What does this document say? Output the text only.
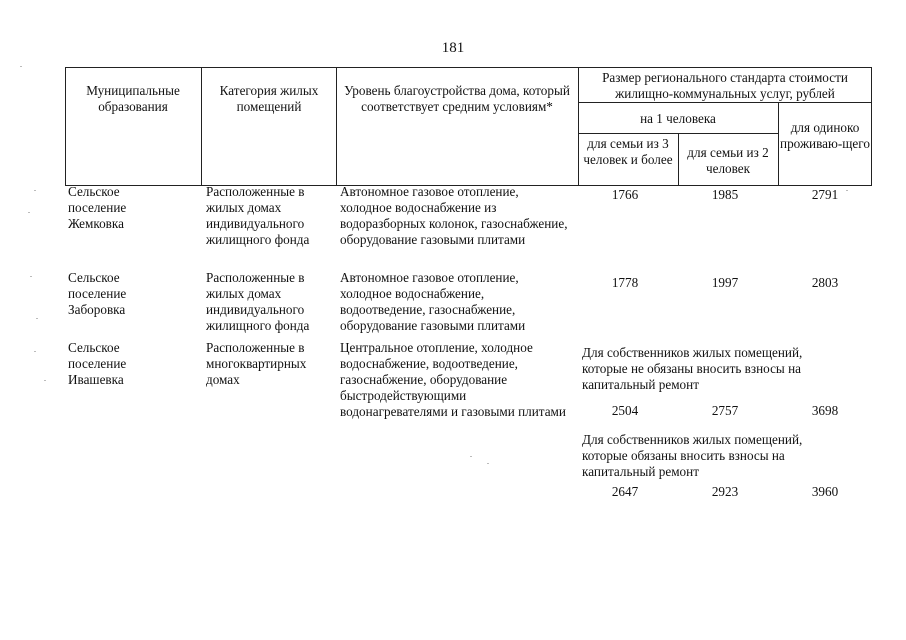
181
Муниципальные образования
Категория жилых помещений
Уровень благоустройства дома, который соответствует средним условиям*
Размер регионального стандарта стоимости жилищно-коммунальных услуг, рублей
на 1 человека
для семьи из 3 человек и более	для семьи из 2 человек
для одиноко проживаю-щего
Сельское поселение Жемковка
Расположенные в жилых домах индивидуального жилищного фонда
Автономное газовое отопление, холодное водоснабжение из водоразборных колонок, газоснабжение, оборудование газовыми плитами
1766	1985	2791
Сельское поселение Заборовка
Расположенные в жилых домах индивидуального жилищного фонда
Автономное газовое отопление, холодное водоснабжение, водоотведение, газоснабжение, оборудование газовыми плитами
1778	1997	2803
Сельское поселение Ивашевка
Расположенные в многоквартирных домах
Центральное отопление, холодное водоснабжение, водоотведение, газоснабжение, оборудование быстродействующими водонагревателями и газовыми плитами
Для собственников жилых помещений, которые не обязаны вносить взносы на капитальный ремонт
2504	2757	3698
Для собственников жилых помещений, которые обязаны вносить взносы на капитальный ремонт
2647	2923	3960
